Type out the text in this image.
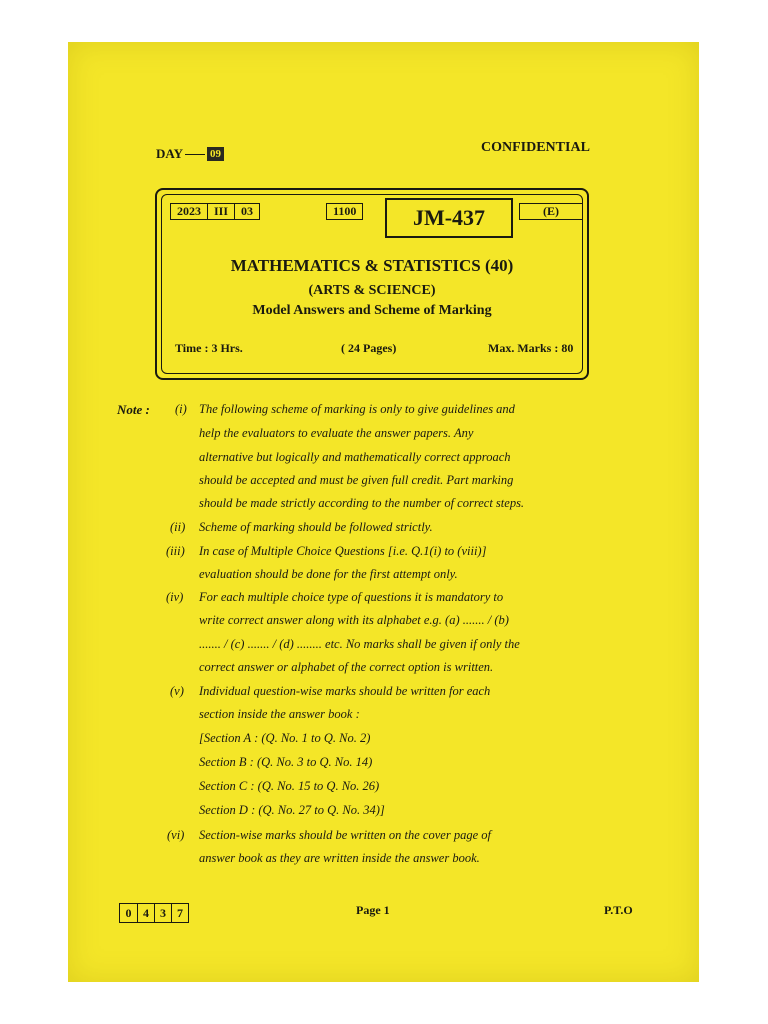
DAY 09	CONFIDENTIAL
2023	III	03	1100	JM-437	(E)
MATHEMATICS & STATISTICS (40)
(ARTS & SCIENCE)
Model Answers and Scheme of Marking
Time : 3 Hrs.	( 24 Pages)	Max. Marks : 80
Note : (i) The following scheme of marking is only to give guidelines and
help the evaluators to evaluate the answer papers. Any
alternative but logically and mathematically correct approach
should be accepted and must be given full credit. Part marking
should be made strictly according to the number of correct steps.
(ii) Scheme of marking should be followed strictly.
(iii) In case of Multiple Choice Questions [i.e. Q.1(i) to (viii)]
evaluation should be done for the first attempt only.
(iv) For each multiple choice type of questions it is mandatory to
write correct answer along with its alphabet e.g. (a) ....... / (b)
....... / (c) ....... / (d) ........ etc. No marks shall be given if only the
correct answer or alphabet of the correct option is written.
(v) Individual question-wise marks should be written for each
section inside the answer book :
[Section A : (Q. No. 1 to Q. No. 2)
Section B : (Q. No. 3 to Q. No. 14)
Section C : (Q. No. 15 to Q. No. 26)
Section D : (Q. No. 27 to Q. No. 34)]
(vi) Section-wise marks should be written on the cover page of
answer book as they are written inside the answer book.
0 4 3 7	Page 1	P.T.O
